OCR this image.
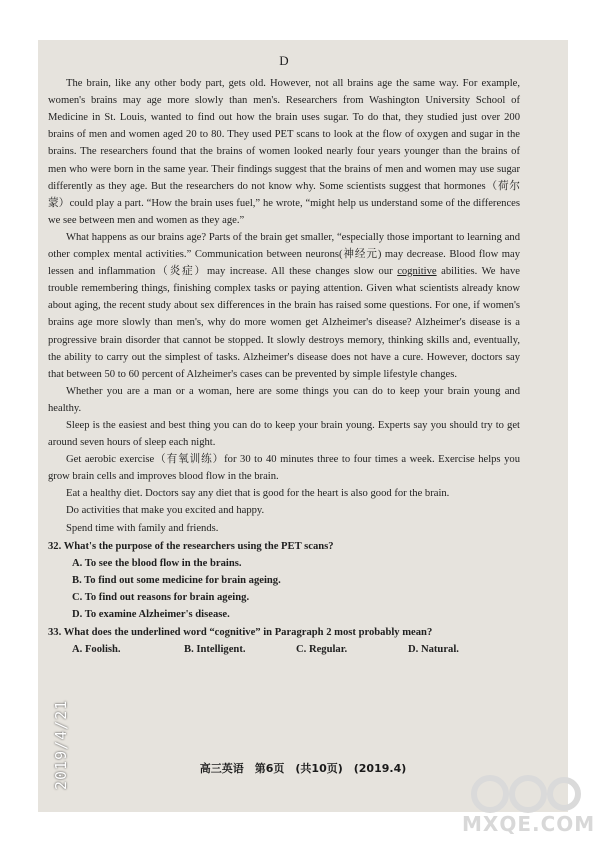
D

The brain, like any other body part, gets old. However, not all brains age the same way. For example, women's brains may age more slowly than men's. Researchers from Washington University School of Medicine in St. Louis, wanted to find out how the brain uses sugar. To do that, they studied just over 200 brains of men and women aged 20 to 80. They used PET scans to look at the flow of oxygen and sugar in the brains. The researchers found that the brains of women looked nearly four years younger than the brains of men who were born in the same year. Their findings suggest that the brains of men and women may use sugar differently as they age. But the researchers do not know why. Some scientists suggest that hormones（荷尔蒙）could play a part. “How the brain uses fuel,” he wrote, “might help us understand some of the differences we see between men and women as they age.”

What happens as our brains age? Parts of the brain get smaller, “especially those important to learning and other complex mental activities.” Communication between neurons(神经元) may decrease. Blood flow may lessen and inflammation（炎症）may increase. All these changes slow our cognitive abilities. We have trouble remembering things, finishing complex tasks or paying attention. Given what scientists already know about aging, the recent study about sex differences in the brain has raised some questions. For one, if women's brains age more slowly than men's, why do more women get Alzheimer's disease? Alzheimer's disease is a progressive brain disorder that cannot be stopped. It slowly destroys memory, thinking skills and, eventually, the ability to carry out the simplest of tasks. Alzheimer's disease does not have a cure. However, doctors say that between 50 to 60 percent of Alzheimer's cases can be prevented by simple lifestyle changes.

Whether you are a man or a woman, here are some things you can do to keep your brain young and healthy.

Sleep is the easiest and best thing you can do to keep your brain young. Experts say you should try to get around seven hours of sleep each night.

Get aerobic exercise（有氧训练）for 30 to 40 minutes three to four times a week. Exercise helps you grow brain cells and improves blood flow in the brain.

Eat a healthy diet. Doctors say any diet that is good for the heart is also good for the brain.

Do activities that make you excited and happy.

Spend time with family and friends.

32. What's the purpose of the researchers using the PET scans?
A. To see the blood flow in the brains.
B. To find out some medicine for brain ageing.
C. To find out reasons for brain ageing.
D. To examine Alzheimer's disease.
33. What does the underlined word “cognitive” in Paragraph 2 most probably mean?
A. Foolish.	B. Intelligent.	C. Regular.	D. Natural.
高三英语　第6页　(共10页)　(2019.4)
2019/4/21
MXQE.COM
